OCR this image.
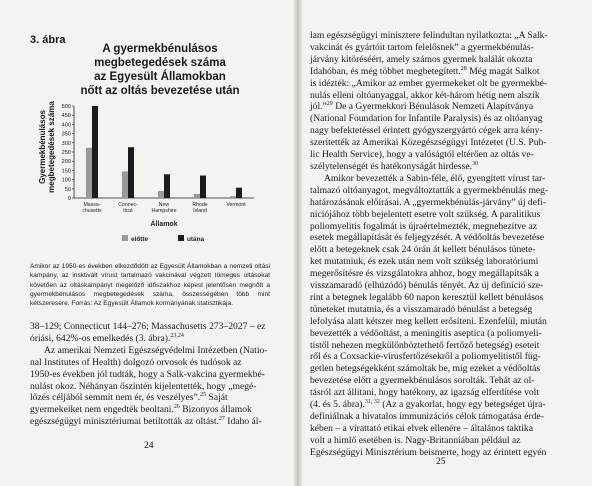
3. ábra
A gyermekbénulásos
megbetegedések száma
az Egyesült Államokban
nőtt az oltás bevezetése után
Gyermekbénulásos megbetegedések száma
0
50
100
150
200
250
300
350
400
450
500
Massa-
chusetts
Connec-
ticut
New
Hampshire
Rhode
Island
Vermont
Államok
előtte	utána
Amikor az 1950-es években elkezdődött az Egyesült Államokban a nemzeti oltási kampány, az insktivált vírust tartalmazó vakcinával végzett tömeges oltásokat követően az oltáskampányt megelőző időszakhoz képest jelentősen megnőtt a gyermekbénulásos megbetegedések száma, összességében több mint kétszeresére. Forrás: Az Egyesült Államok kormányának statisztikája.

38–129; Connecticut 144–276; Massachusetts 273–2027 – ez

óriási, 642%-os emelkedés (3. ábra).$^{23,24}$

Az amerikai Nemzeti Egészségvédelmi Intézetben (Natio-

nal Institutes of Health) dolgozó orvosok és tudósok az

1950-es években jól tudták, hogy a Salk-vakcina gyermekbé-

nulást okoz. Néhányan őszintén kijelentették, hogy „megé-

lőzés céljából semmit nem ér, és veszélyes”.$^{25}$ Saját

gyermekeiket nem engedték beoltani.$^{26}$ Bizonyos államok

egészségügyi minisztériumai betiltották az oltást.$^{27}$ Idaho ál-

24

lam egészségügyi minisztere felindultan nyilatkozta: „A Salk-

vakcinát és gyártóit tartom felelősnek” a gyermekbénulás-

járvány kitöréséért, amely számos gyermek halálát okozta

Idahóban, és még többet megbetegített.$^{28}$ Még magát Salkot

is idézték: „Amikor az ember gyermekeket olt be gyermekbé-

nulás elleni oltóanyaggal, akkor két-három hétig nem alszik

jól.”$^{29}$ De a Gyermekkori Bénulások Nemzeti Alapítványa

(National Foundation for Infantile Paralysis) és az oltóanyag

nagy befektetéssel érintett gyógyszergyártó cégek arra kény-

szerítették az Amerikai Közegészségügyi Intézetet (U.S. Pub-

lic Health Service), hogy a valóságtól eltérően az oltás ve-

szélytelenségét és hatékonyságát hirdesse.$^{30}$

Amikor bevezették a Sabin-féle, élő, gyengített vírust tar-

talmazó oltóanyagot, megváltoztatták a gyermekbénulás meg-

határozásának előírásai. A „gyermekbénulás-járvány” új defi-

níciójához több bejelentett esetre volt szükség. A paralitikus

poliomyelitis fogalmát is újraértelmezték, megnehezítve az

esetek megállapítását és feljegyzését. A védőoltás bevezetése

előtt a betegeknek csak 24 órán át kellett bénulásos tünete-

ket mutatniuk, és ezek után nem volt szükség laboratóriumi

megerősítésre és vizsgálatokra ahhoz, hogy megállapítsák a

visszamaradó (elhúzódó) bénulás tényét. Az új definíció sze-

rint a betegnek legalább 60 napon keresztül kellett bénulásos

tüneteket mutatnia, és a visszamaradó bénulást a betegség

lefolyása alatt kétszer meg kellett erősíteni. Ezenfelül, miután

bevezették a védőoltást, a meningitis aseptica (a poliomyeli-

tistől nehezen megkülönböztethető fertőző betegség) eseteit

ről és a Coxsackie-vírusfertőzésekről a poliomyelitistől füg-

getlen betegségekként számoltak be, míg ezeket a védőoltás

bevezetése előtt a gyermekbénulásos sorolták. Tehát az ol-

tásról azt állítani, hogy hatékony, az igazság elferdítése volt

(4. és 5. ábra).$^{31, 32}$ (Az a gyakorlat, hogy egy betegséget újra-

definiálnak a hivatalos immunizációs célok támogatása érde-

kében – a virattató etikai elvek ellenére – általános taktika

volt a himlő esetében is. Nagy-Britanniában például az

Egészségügyi Minisztérium beismerte, hogy az érintett egyén

25
